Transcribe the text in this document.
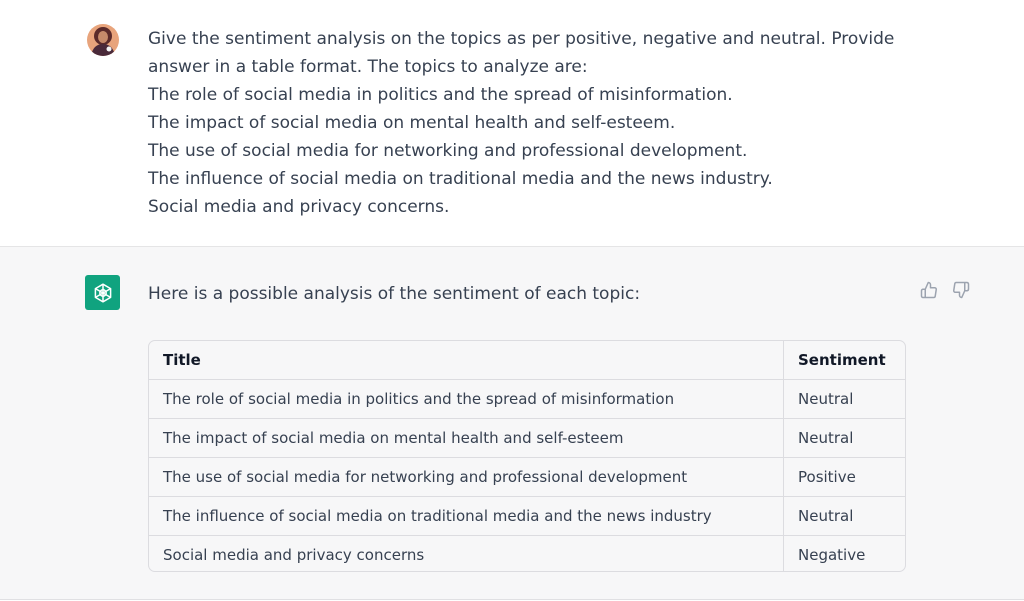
Give the sentiment analysis on the topics as per positive, negative and neutral. Provide
answer in a table format. The topics to analyze are:
The role of social media in politics and the spread of misinformation.
The impact of social media on mental health and self-esteem.
The use of social media for networking and professional development.
The influence of social media on traditional media and the news industry.
Social media and privacy concerns.
Here is a possible analysis of the sentiment of each topic:
Title	Sentiment
The role of social media in politics and the spread of misinformation	Neutral
The impact of social media on mental health and self-esteem	Neutral
The use of social media for networking and professional development	Positive
The influence of social media on traditional media and the news industry	Neutral
Social media and privacy concerns	Negative
